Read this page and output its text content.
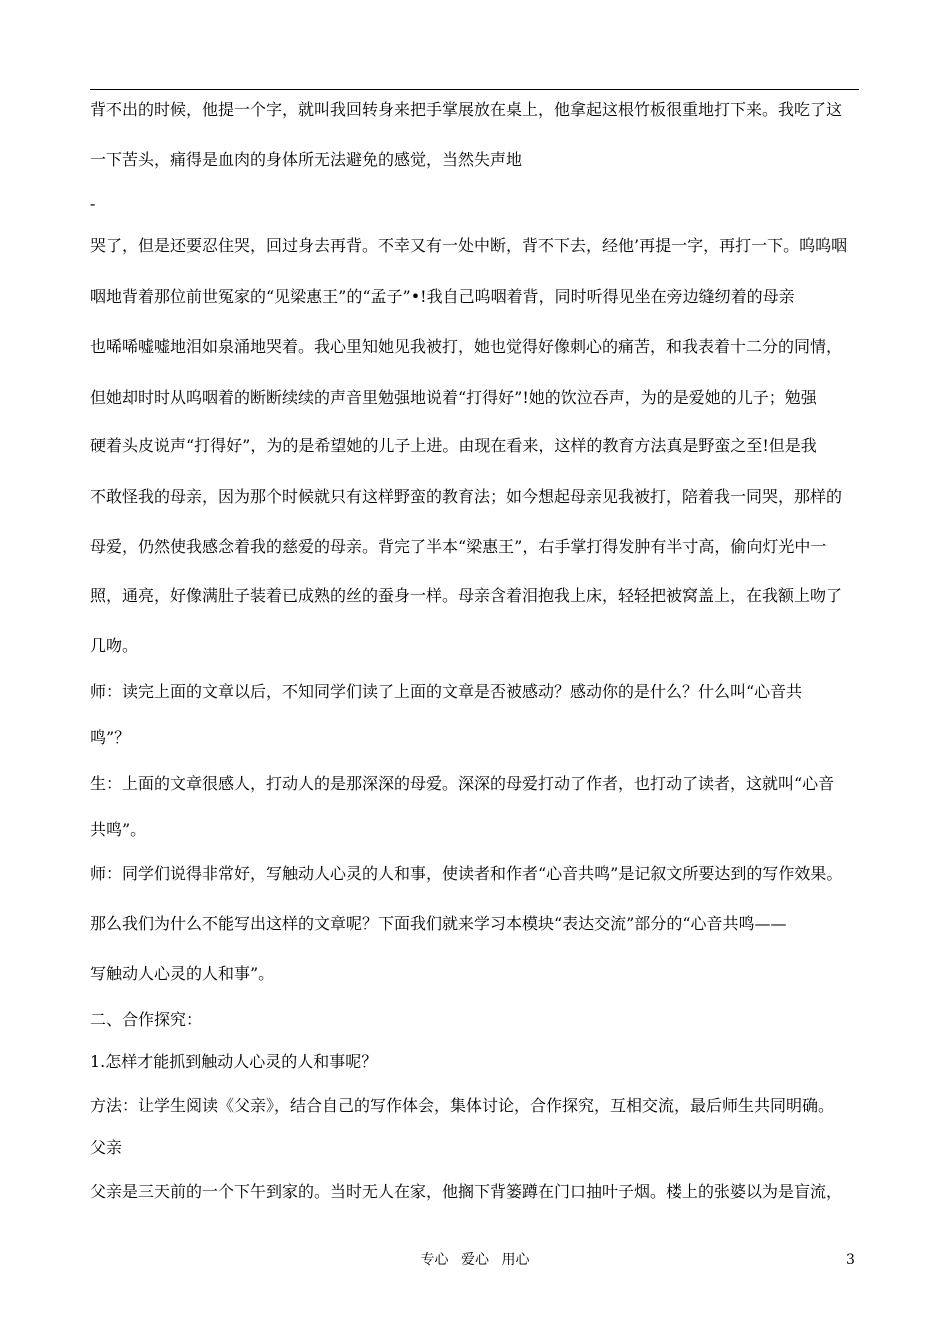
背不出的时候，他提一个字，就叫我回转身来把手掌展放在桌上，他拿起这根竹板很重地打下来。我吃了这
一下苦头，痛得是血肉的身体所无法避免的感觉，当然失声地
-
哭了，但是还要忍住哭，回过身去再背。不幸又有一处中断，背不下去，经他’再提一字，再打一下。呜呜咽
咽地背着那位前世冤家的“见梁惠王”的“孟子”•!我自己呜咽着背，同时听得见坐在旁边缝纫着的母亲
也唏唏嘘嘘地泪如泉涌地哭着。我心里知她见我被打，她也觉得好像刺心的痛苦，和我表着十二分的同情，
但她却时时从呜咽着的断断续续的声音里勉强地说着“打得好”!她的饮泣吞声，为的是爱她的儿子；勉强
硬着头皮说声“打得好”，为的是希望她的儿子上进。由现在看来，这样的教育方法真是野蛮之至!但是我
不敢怪我的母亲，因为那个时候就只有这样野蛮的教育法；如今想起母亲见我被打，陪着我一同哭，那样的
母爱，仍然使我感念着我的慈爱的母亲。背完了半本“梁惠王”，右手掌打得发肿有半寸高，偷向灯光中一
照，通亮，好像满肚子装着已成熟的丝的蚕身一样。母亲含着泪抱我上床，轻轻把被窝盖上，在我额上吻了
几吻。
师：读完上面的文章以后，不知同学们读了上面的文章是否被感动？感动你的是什么？什么叫“心音共
鸣”？
生：上面的文章很感人，打动人的是那深深的母爱。深深的母爱打动了作者，也打动了读者，这就叫“心音
共鸣”。
师：同学们说得非常好，写触动人心灵的人和事，使读者和作者“心音共鸣”是记叙文所要达到的写作效果。
那么我们为什么不能写出这样的文章呢？下面我们就来学习本模块“表达交流”部分的“心音共鸣——
写触动人心灵的人和事”。
二、合作探究：
1.怎样才能抓到触动人心灵的人和事呢？
方法：让学生阅读《父亲》，结合自己的写作体会，集体讨论，合作探究，互相交流，最后师生共同明确。
父亲
父亲是三天前的一个下午到家的。当时无人在家，他搁下背篓蹲在门口抽叶子烟。楼上的张婆以为是盲流，
专心 爱心 用心	3
